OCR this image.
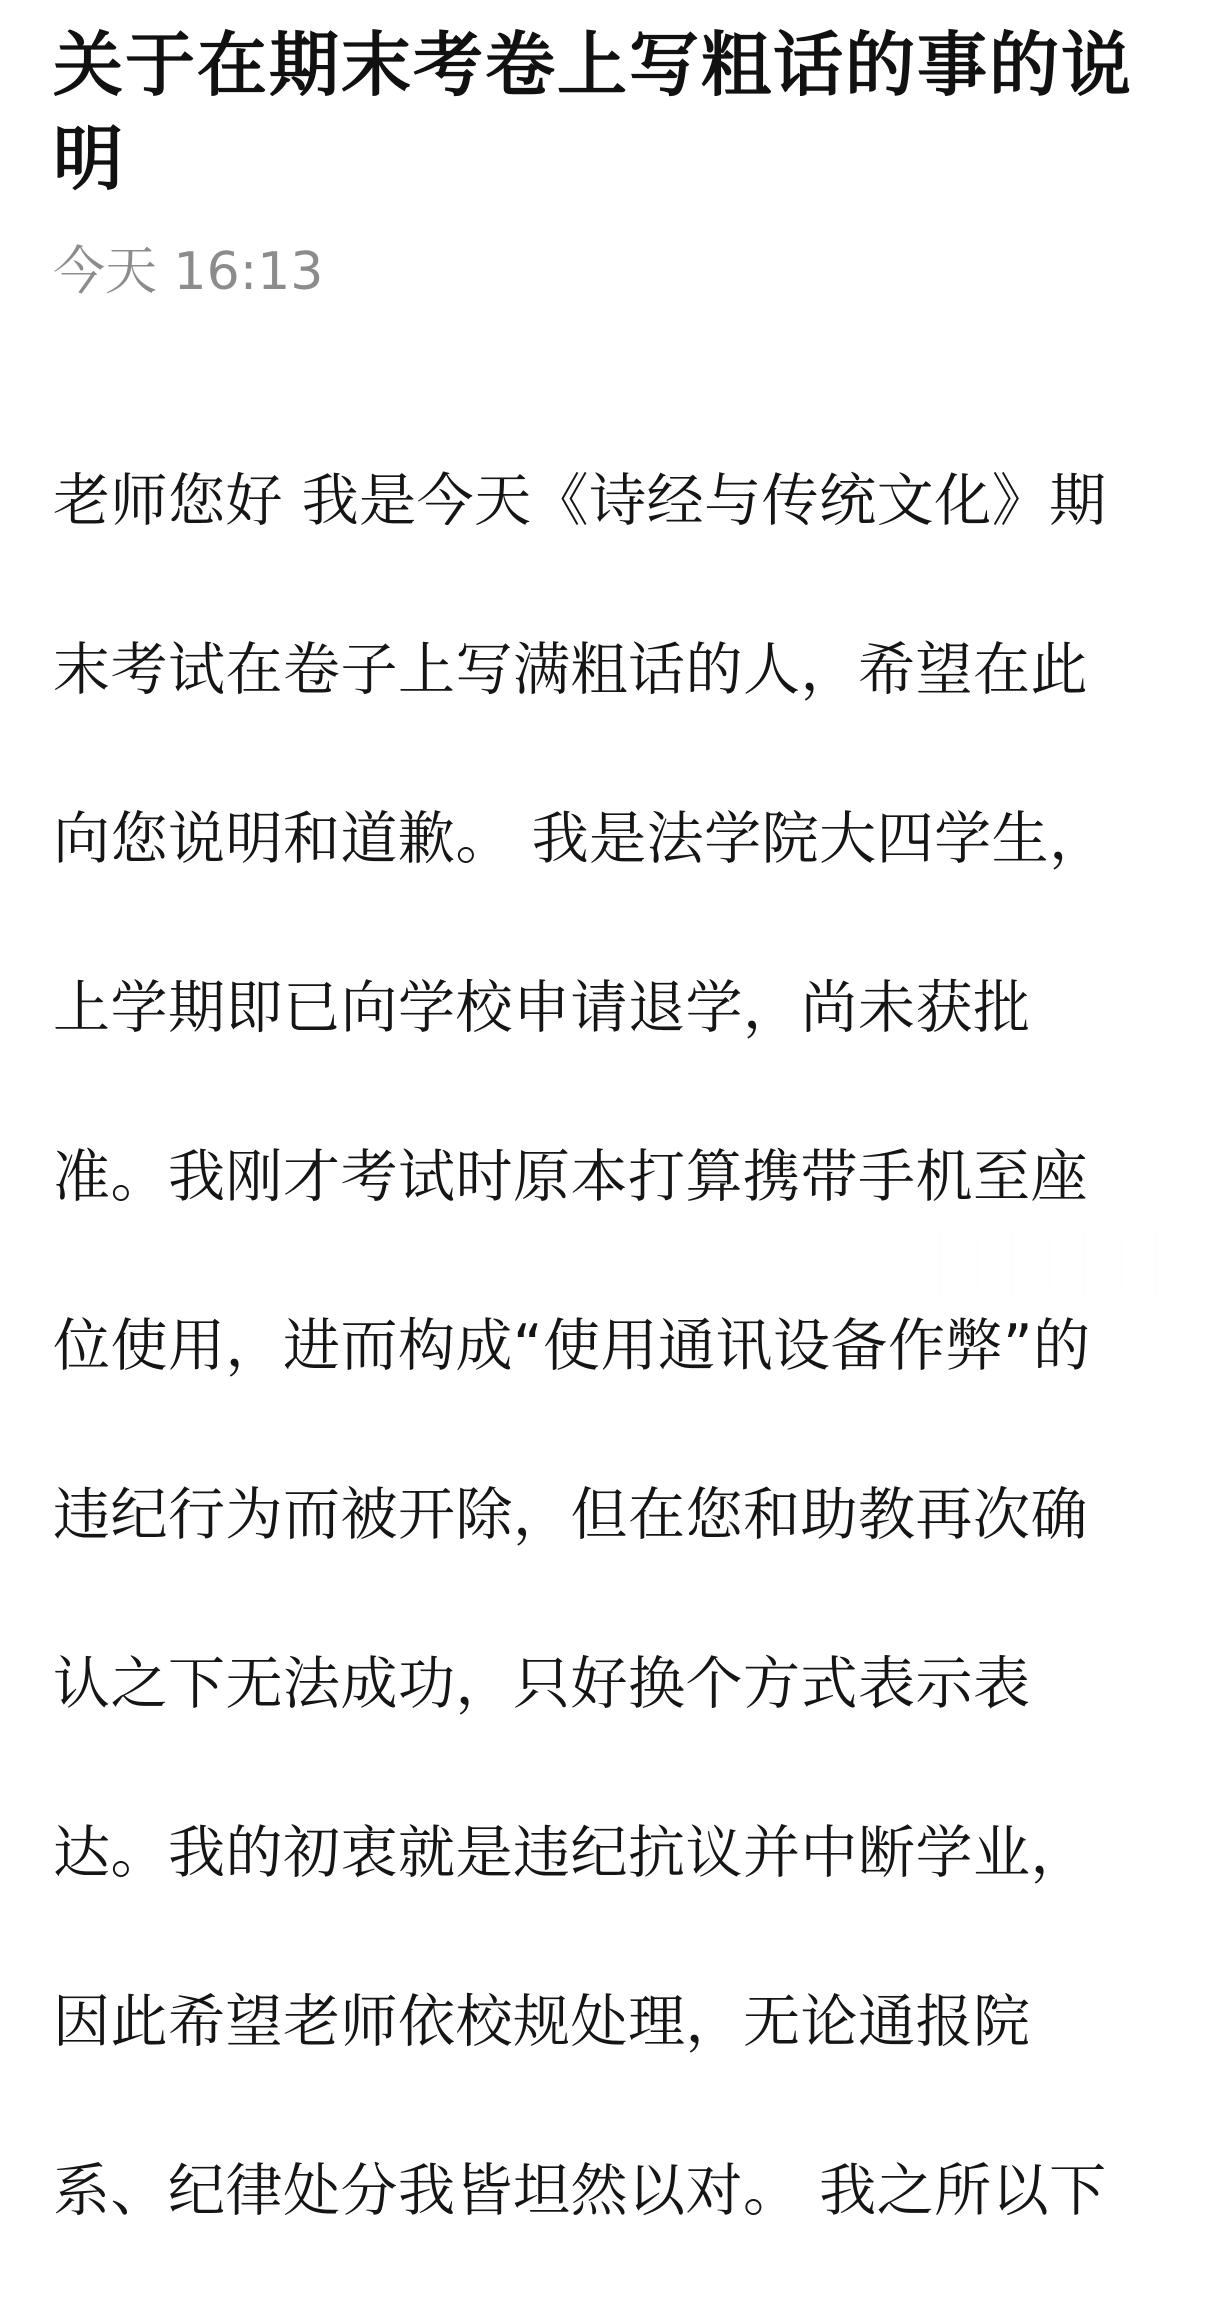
关于在期末考卷上写粗话的事的说明
今天 16:13

老师您好 我是今天《诗经与传统文化》期

末考试在卷子上写满粗话的人，希望在此

向您说明和道歉。 我是法学院大四学生，

上学期即已向学校申请退学，尚未获批

准。我刚才考试时原本打算携带手机至座

位使用，进而构成“使用通讯设备作弊”的

违纪行为而被开除，但在您和助教再次确

认之下无法成功，只好换个方式表示表

达。我的初衷就是违纪抗议并中断学业，

因此希望老师依校规处理，无论通报院

系、纪律处分我皆坦然以对。 我之所以下
